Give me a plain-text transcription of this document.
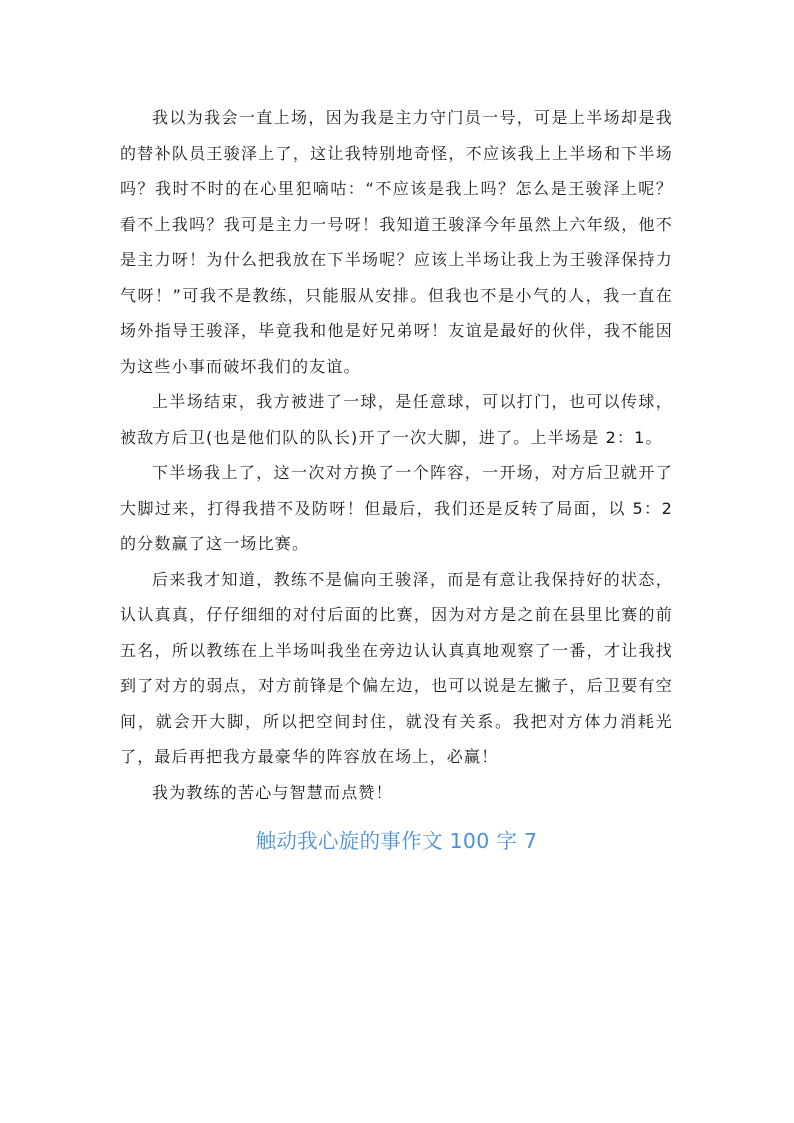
我以为我会一直上场，因为我是主力守门员一号，可是上半场却是我的替补队员王骏泽上了，这让我特别地奇怪，不应该我上上半场和下半场吗？我时不时的在心里犯嘀咕：“不应该是我上吗？怎么是王骏泽上呢？看不上我吗？我可是主力一号呀！我知道王骏泽今年虽然上六年级，他不是主力呀！为什么把我放在下半场呢？应该上半场让我上为王骏泽保持力气呀！”可我不是教练，只能服从安排。但我也不是小气的人，我一直在场外指导王骏泽，毕竟我和他是好兄弟呀！友谊是最好的伙伴，我不能因为这些小事而破坏我们的友谊。

上半场结束，我方被进了一球，是任意球，可以打门，也可以传球，被敌方后卫(也是他们队的队长)开了一次大脚，进了。上半场是 2：1。

下半场我上了，这一次对方换了一个阵容，一开场，对方后卫就开了大脚过来，打得我措不及防呀！但最后，我们还是反转了局面，以 5：2 的分数赢了这一场比赛。

后来我才知道，教练不是偏向王骏泽，而是有意让我保持好的状态，认认真真，仔仔细细的对付后面的比赛，因为对方是之前在县里比赛的前五名，所以教练在上半场叫我坐在旁边认认真真地观察了一番，才让我找到了对方的弱点，对方前锋是个偏左边，也可以说是左撇子，后卫要有空间，就会开大脚，所以把空间封住，就没有关系。我把对方体力消耗光了，最后再把我方最豪华的阵容放在场上，必赢！

我为教练的苦心与智慧而点赞！

触动我心旋的事作文 100 字 7
